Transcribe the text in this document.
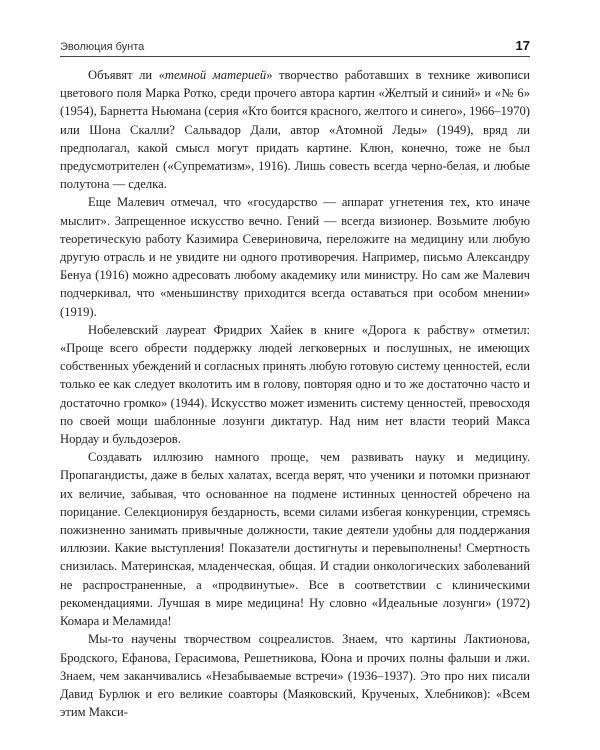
Эволюция бунта	17

Объявят ли «темной материей» творчество работавших в технике живописи цветового поля Марка Ротко, среди прочего автора картин «Желтый и синий» и «№ 6» (1954), Барнетта Ньюмана (серия «Кто боится красного, желтого и синего», 1966–1970) или Шона Скалли? Сальвадор Дали, автор «Атомной Леды» (1949), вряд ли предполагал, какой смысл могут придать картине. Клюн, конечно, тоже не был предусмотрителен («Супрематизм», 1916). Лишь совесть всегда черно-белая, и любые полутона — сделка.

Еще Малевич отмечал, что «государство — аппарат угнетения тех, кто иначе мыслит». Запрещенное искусство вечно. Гений — всегда визионер. Возьмите любую теоретическую работу Казимира Севериновича, переложите на медицину или любую другую отрасль и не увидите ни одного противоречия. Например, письмо Александру Бенуа (1916) можно адресовать любому академику или министру. Но сам же Малевич подчеркивал, что «меньшинству приходится всегда оставаться при особом мнении» (1919).

Нобелевский лауреат Фридрих Хайек в книге «Дорога к рабству» отметил: «Проще всего обрести поддержку людей легковерных и послушных, не имеющих собственных убеждений и согласных принять любую готовую систему ценностей, если только ее как следует вколотить им в голову, повторяя одно и то же достаточно часто и достаточно громко» (1944). Искусство может изменить систему ценностей, превосходя по своей мощи шаблонные лозунги диктатур. Над ним нет власти теорий Макса Нордау и бульдозеров.

Создавать иллюзию намного проще, чем развивать науку и медицину. Пропагандисты, даже в белых халатах, всегда верят, что ученики и потомки признают их величие, забывая, что основанное на подмене истинных ценностей обречено на порицание. Селекционируя бездарность, всеми силами избегая конкуренции, стремясь пожизненно занимать привычные должности, такие деятели удобны для поддержания иллюзии. Какие выступления! Показатели достигнуты и перевыполнены! Смертность снизилась. Материнская, младенческая, общая. И стадии онкологических заболеваний не распространенные, а «продвинутые». Все в соответствии с клиническими рекомендациями. Лучшая в мире медицина! Ну словно «Идеальные лозунги» (1972) Комара и Меламида!

Мы-то научены творчеством соцреалистов. Знаем, что картины Лактионова, Бродского, Ефанова, Герасимова, Решетникова, Юона и прочих полны фальши и лжи. Знаем, чем заканчивались «Незабываемые встречи» (1936–1937). Это про них писали Давид Бурлюк и его великие соавторы (Маяковский, Крученых, Хлебников): «Всем этим Макси-
